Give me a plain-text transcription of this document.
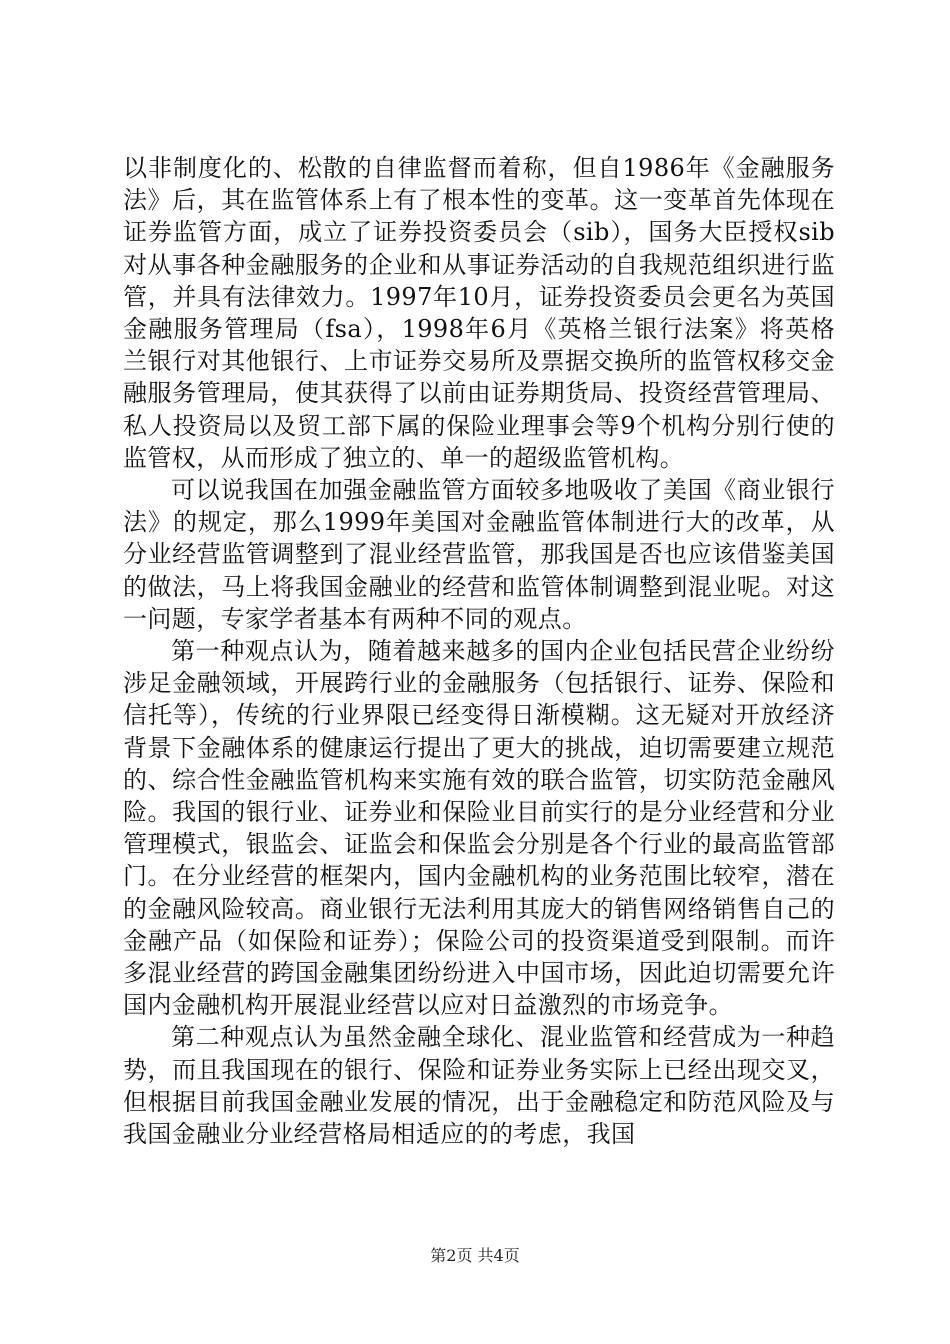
以非制度化的、松散的自律监督而着称，但自1986年《金融服务法》后，其在监管体系上有了根本性的变革。这一变革首先体现在证券监管方面，成立了证券投资委员会（sib），国务大臣授权sib对从事各种金融服务的企业和从事证券活动的自我规范组织进行监管，并具有法律效力。1997年10月，证券投资委员会更名为英国金融服务管理局（fsa），1998年6月《英格兰银行法案》将英格兰银行对其他银行、上市证券交易所及票据交换所的监管权移交金融服务管理局，使其获得了以前由证券期货局、投资经营管理局、私人投资局以及贸工部下属的保险业理事会等9个机构分别行使的监管权，从而形成了独立的、单一的超级监管机构。

可以说我国在加强金融监管方面较多地吸收了美国《商业银行法》的规定，那么1999年美国对金融监管体制进行大的改革，从分业经营监管调整到了混业经营监管，那我国是否也应该借鉴美国的做法，马上将我国金融业的经营和监管体制调整到混业呢。对这一问题，专家学者基本有两种不同的观点。

第一种观点认为，随着越来越多的国内企业包括民营企业纷纷涉足金融领域，开展跨行业的金融服务（包括银行、证券、保险和信托等），传统的行业界限已经变得日渐模糊。这无疑对开放经济背景下金融体系的健康运行提出了更大的挑战，迫切需要建立规范的、综合性金融监管机构来实施有效的联合监管，切实防范金融风险。我国的银行业、证券业和保险业目前实行的是分业经营和分业管理模式，银监会、证监会和保监会分别是各个行业的最高监管部门。在分业经营的框架内，国内金融机构的业务范围比较窄，潜在的金融风险较高。商业银行无法利用其庞大的销售网络销售自己的金融产品（如保险和证券）；保险公司的投资渠道受到限制。而许多混业经营的跨国金融集团纷纷进入中国市场，因此迫切需要允许国内金融机构开展混业经营以应对日益激烈的市场竞争。

第二种观点认为虽然金融全球化、混业监管和经营成为一种趋势，而且我国现在的银行、保险和证券业务实际上已经出现交叉，但根据目前我国金融业发展的情况，出于金融稳定和防范风险及与我国金融业分业经营格局相适应的的考虑，我国

第2页 共4页
